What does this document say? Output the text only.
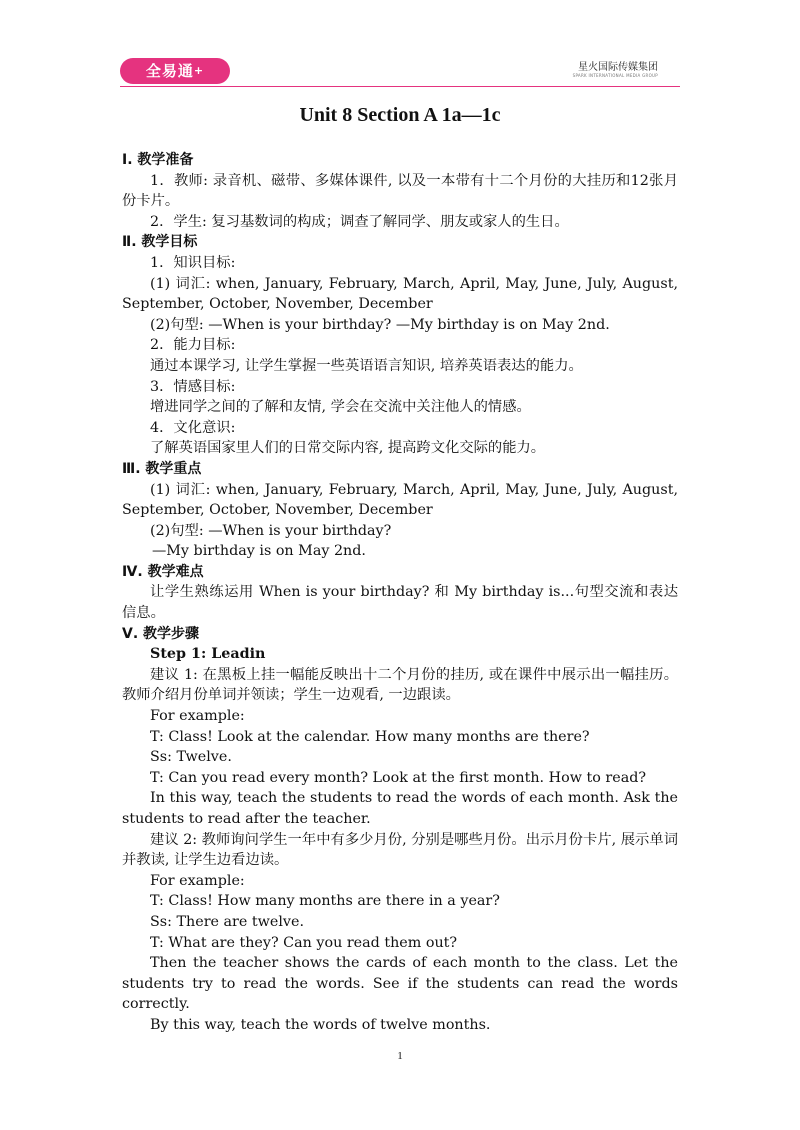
全易通+	星火国际传媒集团
SPARK INTERNATIONAL MEDIA GROUP
Unit 8 Section A 1a—1c

Ⅰ. 教学准备

1．教师: 录音机、磁带、多媒体课件, 以及一本带有十二个月份的大挂历和12张月份卡片。

2．学生: 复习基数词的构成；调查了解同学、朋友或家人的生日。

Ⅱ. 教学目标

1．知识目标:

(1) 词汇: when, January, February, March, April, May, June, July, August, September, October, November, December

(2)句型: —When is your birthday? —My birthday is on May 2nd.

2．能力目标:

通过本课学习, 让学生掌握一些英语语言知识, 培养英语表达的能力。

3．情感目标:

增进同学之间的了解和友情, 学会在交流中关注他人的情感。

4．文化意识:

了解英语国家里人们的日常交际内容, 提高跨文化交际的能力。

Ⅲ. 教学重点

(1) 词汇: when, January, February, March, April, May, June, July, August, September, October, November, December

(2)句型: —When is your birthday?

—My birthday is on May 2nd.

Ⅳ. 教学难点

让学生熟练运用 When is your birthday? 和 My birthday is...句型交流和表达信息。

Ⅴ. 教学步骤

Step 1: Leadin

建议 1: 在黑板上挂一幅能反映出十二个月份的挂历, 或在课件中展示出一幅挂历。教师介绍月份单词并领读；学生一边观看, 一边跟读。

For example:

T: Class! Look at the calendar. How many months are there?

Ss: Twelve.

T: Can you read every month? Look at the first month. How to read?

In this way, teach the students to read the words of each month. Ask the students to read after the teacher.

建议 2: 教师询问学生一年中有多少月份, 分别是哪些月份。出示月份卡片, 展示单词并教读, 让学生边看边读。

For example:

T: Class! How many months are there in a year?

Ss: There are twelve.

T: What are they? Can you read them out?

Then the teacher shows the cards of each month to the class. Let the students try to read the words. See if the students can read the words correctly.

By this way, teach the words of twelve months.

1
